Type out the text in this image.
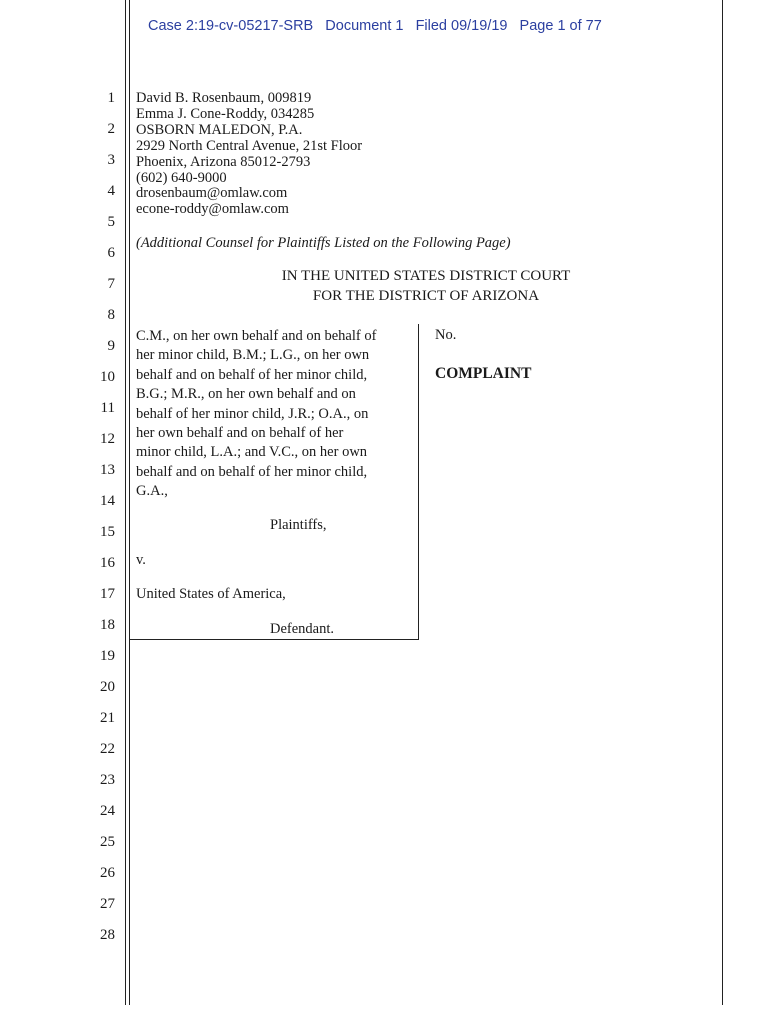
Case 2:19-cv-05217-SRB   Document 1   Filed 09/19/19   Page 1 of 77
1
2
3
4
5
6
7
8
9
10
11
12
13
14
15
16
17
18
19
20
21
22
23
24
25
26
27
28
David B. Rosenbaum, 009819
Emma J. Cone-Roddy, 034285
OSBORN MALEDON, P.A.
2929 North Central Avenue, 21st Floor
Phoenix, Arizona 85012-2793
(602) 640-9000
drosenbaum@omlaw.com
econe-roddy@omlaw.com
(Additional Counsel for Plaintiffs Listed on the Following Page)
IN THE UNITED STATES DISTRICT COURT
FOR THE DISTRICT OF ARIZONA
C.M., on her own behalf and on behalf of
her minor child, B.M.; L.G., on her own
behalf and on behalf of her minor child,
B.G.; M.R., on her own behalf and on
behalf of her minor child, J.R.; O.A., on
her own behalf and on behalf of her
minor child, L.A.; and V.C., on her own
behalf and on behalf of her minor child,
G.A.,
Plaintiffs,
v.
United States of America,
Defendant.
No.
COMPLAINT
